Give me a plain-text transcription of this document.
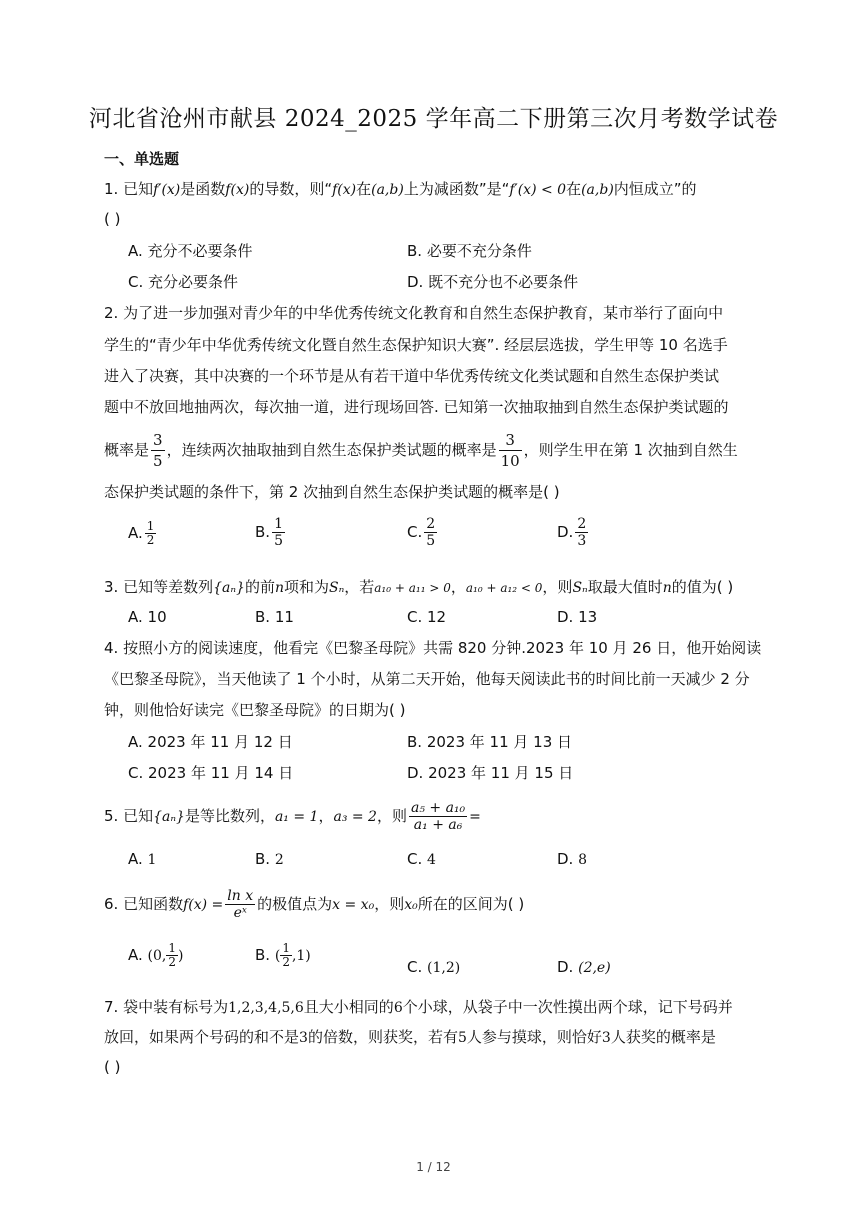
河北省沧州市献县 2024_2025 学年高二下册第三次月考数学试卷
一、单选题
1. 已知f′(x)是函数f(x)的导数，则“f(x)在(a,b)上为减函数”是“f′(x) < 0在(a,b)内恒成立”的
( )
A. 充分不必要条件	B. 必要不充分条件
C. 充分必要条件	D. 既不充分也不必要条件
2. 为了进一步加强对青少年的中华优秀传统文化教育和自然生态保护教育，某市举行了面向中
学生的“青少年中华优秀传统文化暨自然生态保护知识大赛”. 经层层选拔，学生甲等 10 名选手
进入了决赛，其中决赛的一个环节是从有若干道中华优秀传统文化类试题和自然生态保护类试
题中不放回地抽两次，每次抽一道，进行现场回答. 已知第一次抽取抽到自然生态保护类试题的
概率是 $\frac{3}{5}$ ，连续两次抽取抽到自然生态保护类试题的概率是 $\frac{3}{10}$ ，则学生甲在第 1 次抽到自然生
态保护类试题的条件下，第 2 次抽到自然生态保护类试题的概率是( )
A. $\frac{1}{2}$	B. $\frac{1}{5}$	C. $\frac{2}{5}$	D. $\frac{2}{3}$
3. 已知等差数列{aₙ}的前n项和为Sₙ，若a₁₀ + a₁₁ > 0，a₁₀ + a₁₂ < 0，则Sₙ取最大值时n的值为( )
A. 10	B. 11	C. 12	D. 13
4. 按照小方的阅读速度，他看完《巴黎圣母院》共需 820 分钟.2023 年 10 月 26 日，他开始阅读
《巴黎圣母院》，当天他读了 1 个小时，从第二天开始，他每天阅读此书的时间比前一天减少 2 分
钟，则他恰好读完《巴黎圣母院》的日期为( )
A. 2023 年 11 月 12 日	B. 2023 年 11 月 13 日
C. 2023 年 11 月 14 日	D. 2023 年 11 月 15 日
5. 已知{aₙ}是等比数列，a₁ = 1，a₃ = 2，则 $\frac{\text{a₅ + a₁₀}}{\text{a₁ + a₆}}$ =
A. 1	B. 2	C. 4	D. 8
6. 已知函数$f(x) = \frac{\text{ln x}}{\text{eˣ}}$ 的极值点为x = x₀，则x₀所在的区间为( )
A. (0, $\frac{1}{2}$ )	B. ( $\frac{1}{2} ,1$)
C. (1,2)	D. (2,e)
7. 袋中装有标号为1,2,3,4,5,6且大小相同的6个小球，从袋子中一次性摸出两个球，记下号码并
放回，如果两个号码的和不是3的倍数，则获奖，若有5人参与摸球，则恰好3人获奖的概率是
( )
1 / 12
